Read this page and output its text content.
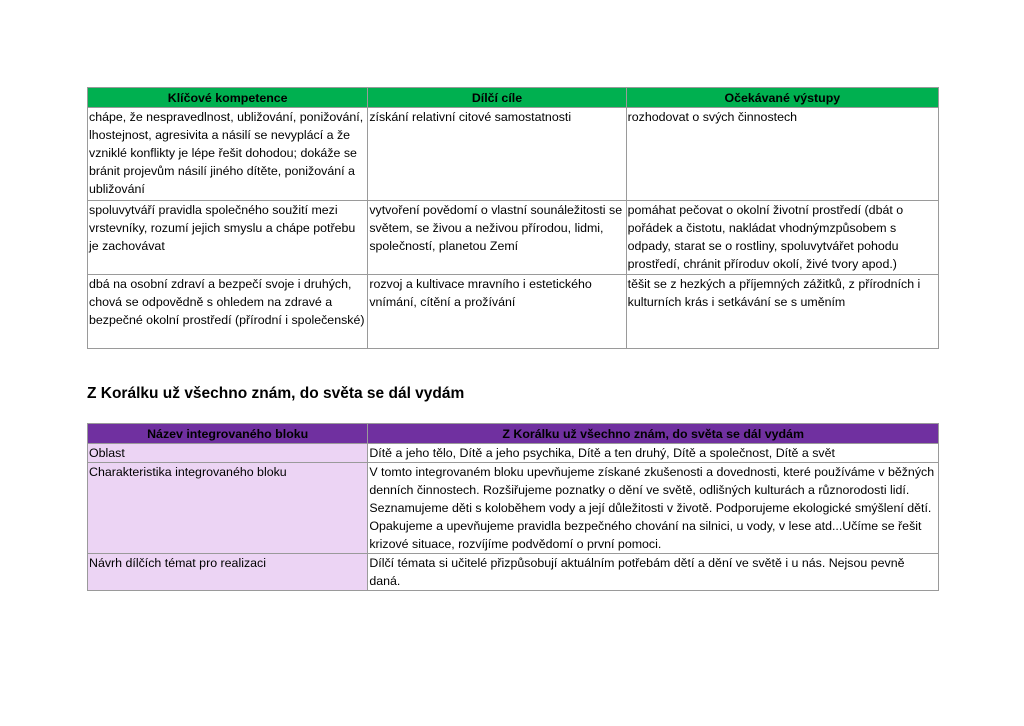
Klíčové kompetence	Dílčí cíle	Očekávané výstupy
chápe, že nespravedlnost, ubližování, ponižování, lhostejnost, agresivita a násilí se nevyplácí a že vzniklé konflikty je lépe řešit dohodou; dokáže se bránit projevům násilí jiného dítěte, ponižování a ubližování	získání relativní citové samostatnosti	rozhodovat o svých činnostech
spoluvytváří pravidla společného soužití mezi vrstevníky, rozumí jejich smyslu a chápe potřebu je zachovávat	vytvoření povědomí o vlastní sounáležitosti se světem, se živou a neživou přírodou, lidmi, společností, planetou Zemí	pomáhat pečovat o okolní životní prostředí (dbát o pořádek a čistotu, nakládat vhodnýmzpůsobem s odpady, starat se o rostliny, spoluvytvářet pohodu prostředí, chránit příroduv okolí, živé tvory apod.)
dbá na osobní zdraví a bezpečí svoje i druhých, chová se odpovědně s ohledem na zdravé a bezpečné okolní prostředí (přírodní i společenské)	rozvoj a kultivace mravního i estetického vnímání, cítění a prožívání	těšit se z hezkých a příjemných zážitků, z přírodních i kulturních krás i setkávání se s uměním
Z Korálku už všechno znám, do světa se dál vydám
Název integrovaného bloku	Z Korálku už všechno znám, do světa se dál vydám
Oblast	Dítě a jeho tělo, Dítě a jeho psychika, Dítě a ten druhý, Dítě a společnost, Dítě a svět
Charakteristika integrovaného bloku	V tomto integrovaném bloku upevňujeme získané zkušenosti a dovednosti, které používáme v běžných denních činnostech. Rozšiřujeme poznatky o dění ve světě, odlišných kulturách a různorodosti lidí. Seznamujeme děti s koloběhem vody a její důležitosti v životě. Podporujeme ekologické smýšlení dětí. Opakujeme a upevňujeme pravidla bezpečného chování na silnici, u vody, v lese atd...Učíme se řešit krizové situace, rozvíjíme podvědomí o první pomoci.
Návrh dílčích témat pro realizaci	Dílčí témata si učitelé přizpůsobují aktuálním potřebám dětí a dění ve světě i u nás. Nejsou pevně daná.
